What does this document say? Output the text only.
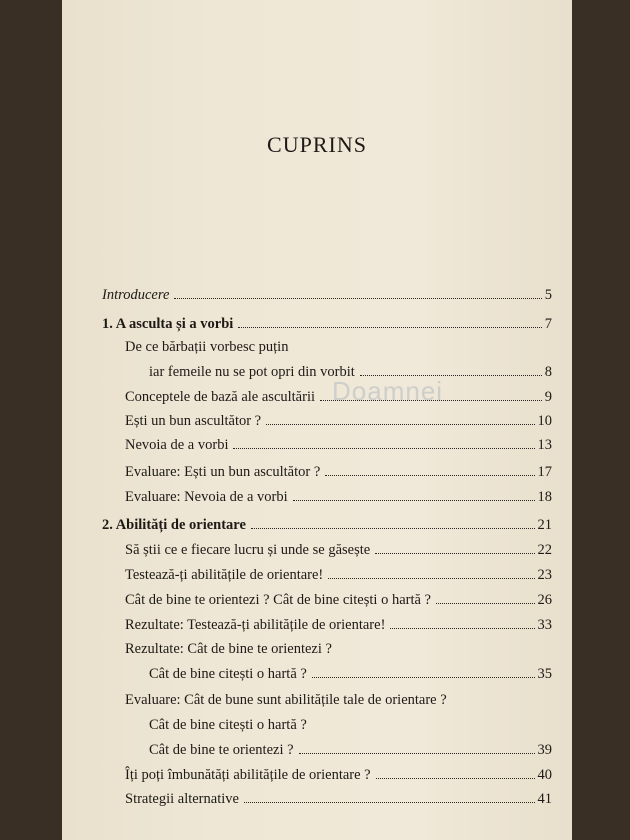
CUPRINS
Doamnei
Introducere	5
1. A asculta și a vorbi	7
De ce bărbații vorbesc puțin
iar femeile nu se pot opri din vorbit	8
Conceptele de bază ale ascultării	9
Ești un bun ascultător ?	10
Nevoia de a vorbi	13
Evaluare: Ești un bun ascultător ?	17
Evaluare: Nevoia de a vorbi	18
2. Abilități de orientare	21
Să știi ce e fiecare lucru și unde se găsește	22
Testează-ți abilitățile de orientare!	23
Cât de bine te orientezi ? Cât de bine citești o hartă ?	26
Rezultate: Testează-ți abilitățile de orientare!	33
Rezultate: Cât de bine te orientezi ?
Cât de bine citești o hartă ?	35
Evaluare: Cât de bune sunt abilitățile tale de orientare ?
Cât de bine citești o hartă ?
Cât de bine te orientezi ?	39
Îți poți îmbunătăți abilitățile de orientare ?	40
Strategii alternative	41
